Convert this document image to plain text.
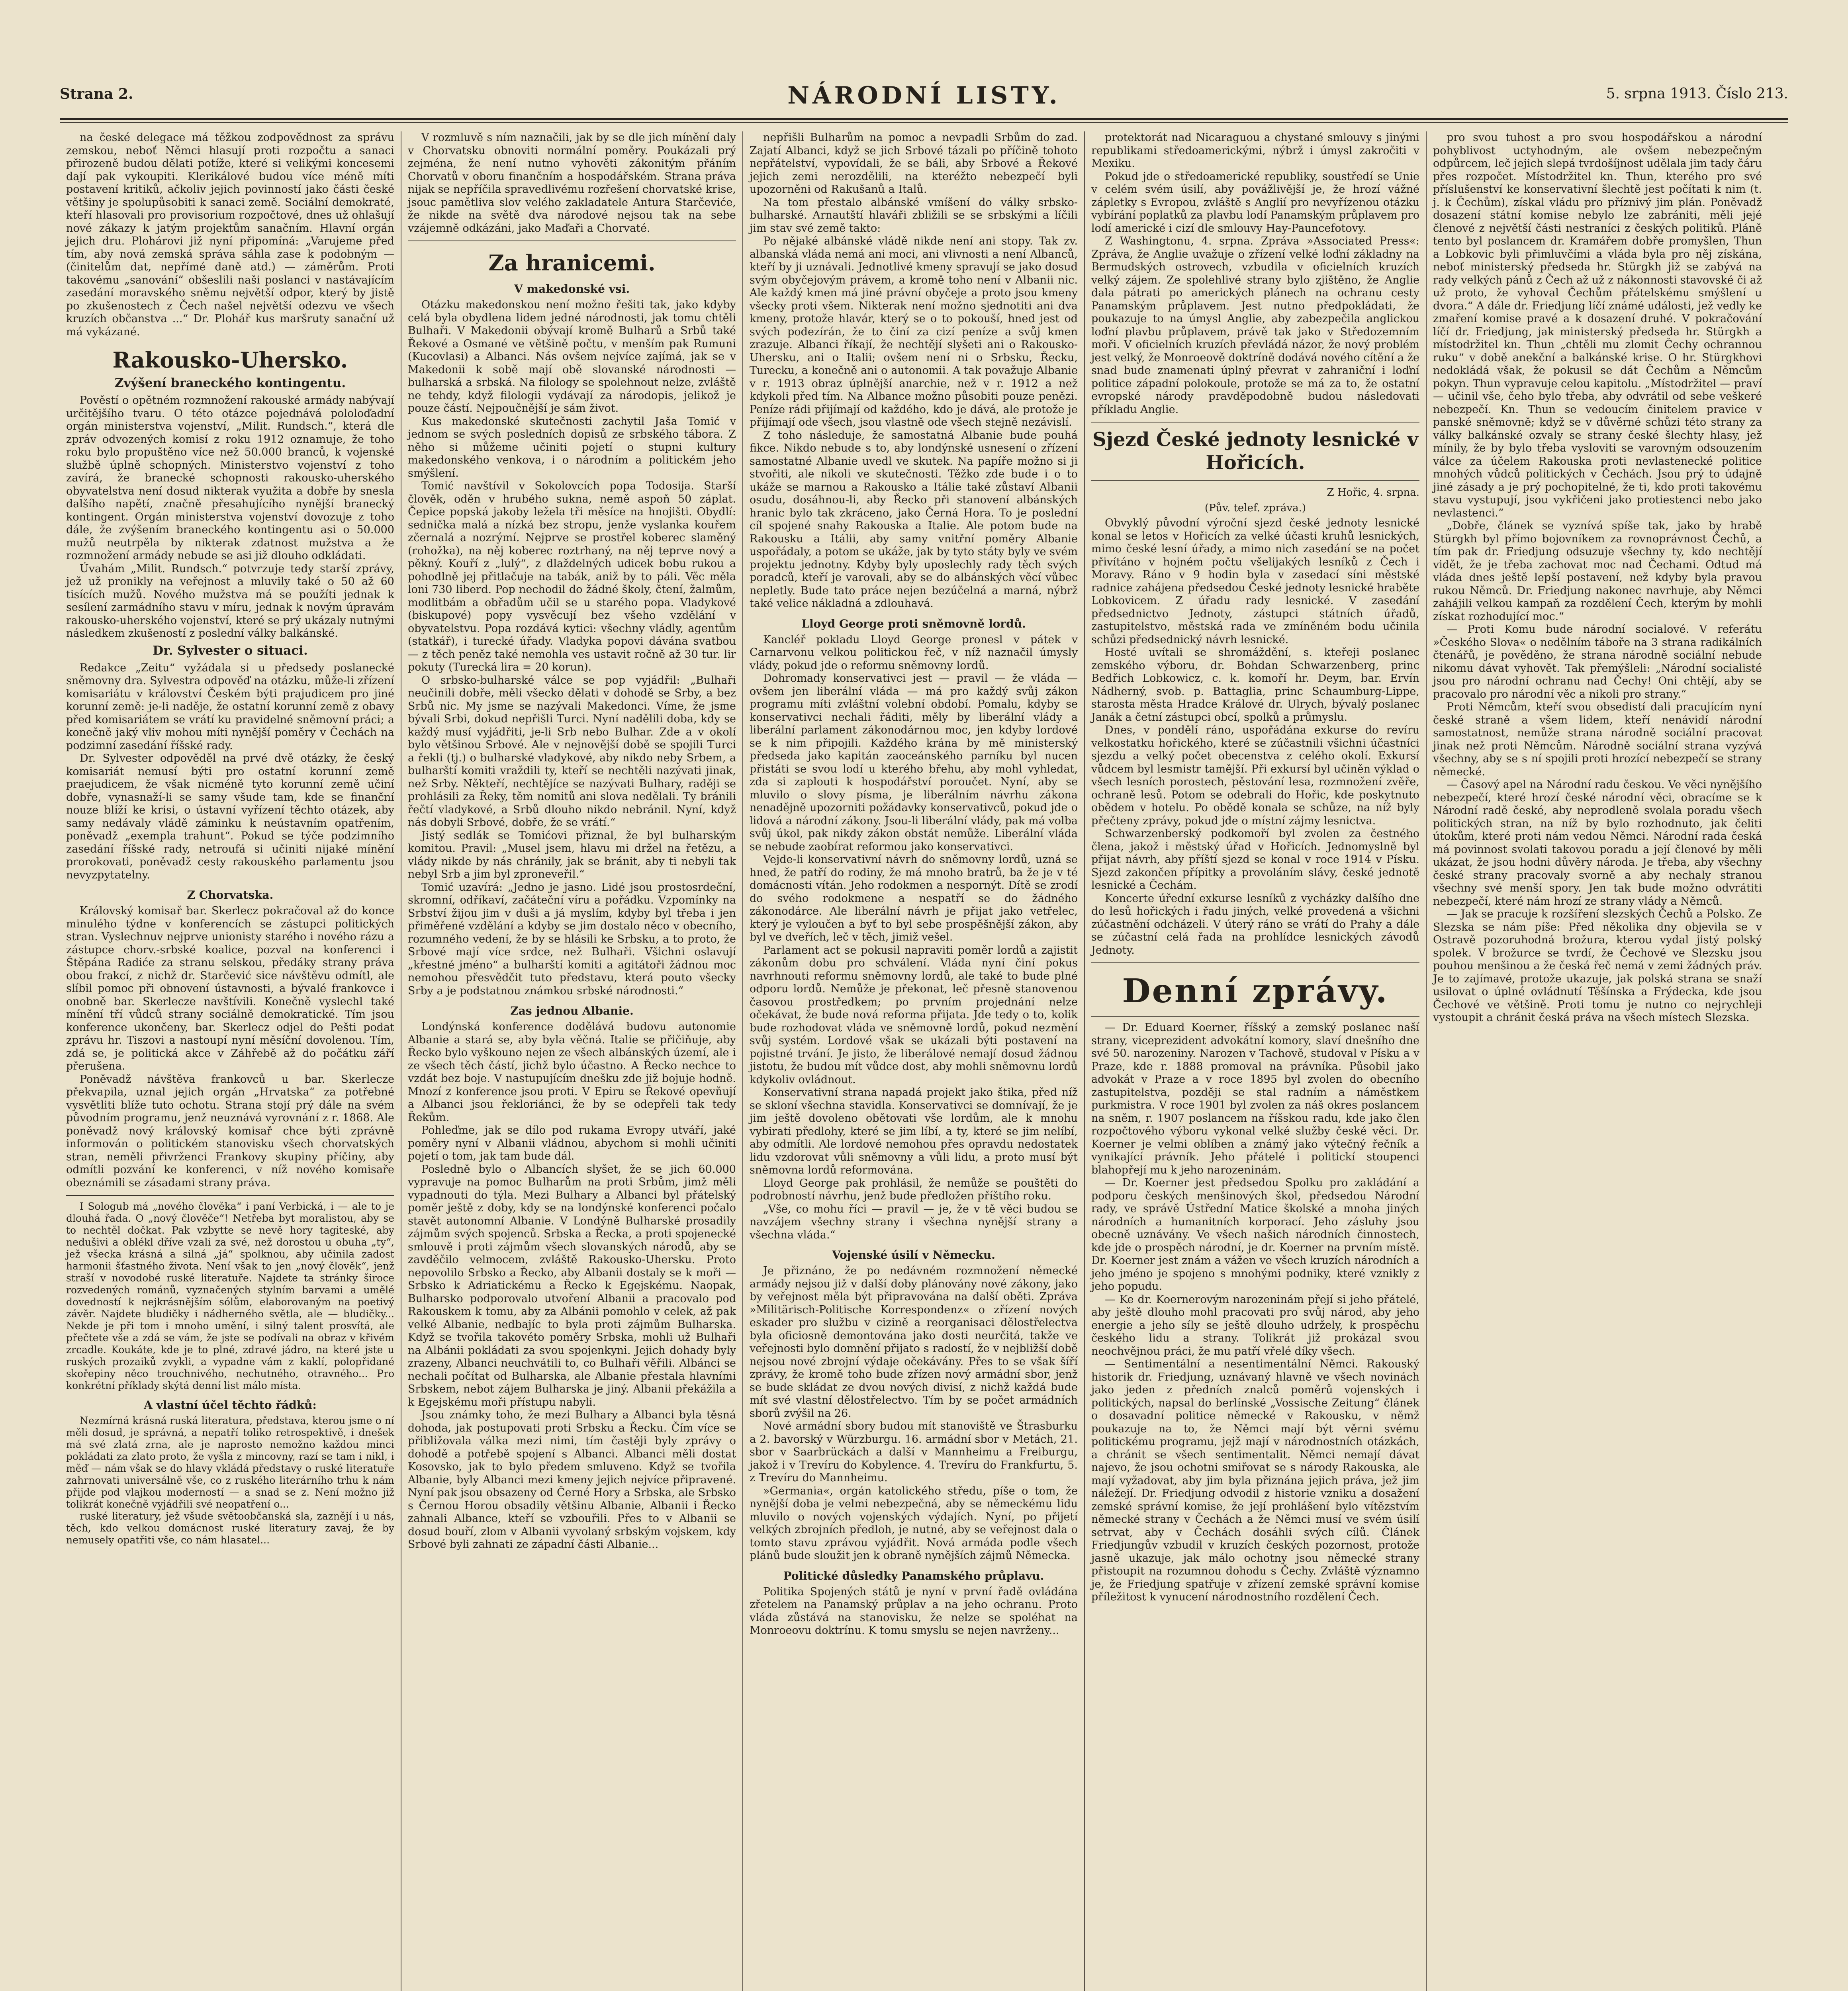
Strana 2.	NÁRODNÍ LISTY.	5. srpna 1913. Číslo 213.

na české delegace má těžkou zodpovědnost za správu zemskou, neboť Němci hlasují proti rozpočtu a sanaci přirozeně budou dělati potíže, které si velikými koncesemi dají pak vykoupiti. Klerikálové budou více méně míti postavení kritiků, ačkoliv jejich povinností jako části české většiny je spolupůsobiti k sanaci země. Sociální demokraté, kteří hlasovali pro provisorium rozpočtové, dnes už ohlašují nové zákazy k jatým projektům sanačním. Hlavní orgán jejich dru. Plohárovi již nyní připomíná: „Varujeme před tím, aby nová zemská správa sáhla zase k podobným — (činitelům dat, nepřímé daně atd.) — záměrům. Proti takovému „sanování“ obšeslili naši poslanci v nastávajícím zasedání moravského sněmu největší odpor, který by jistě po zkušenostech z Čech našel největší odezvu ve všech kruzích občanstva ...“ Dr. Plohář kus maršruty sanační už má vykázané.

Rakousko-Uhersko.
Zvýšení braneckého kontingentu.

Pověstí o opětném rozmnožení rakouské armády nabývají určitějšího tvaru. O této otázce pojednává pololoďadní orgán ministerstva vojenství, „Milit. Rundsch.“, která dle zpráv odvozených komisí z roku 1912 oznamuje, že toho roku bylo propuštěno více než 50.000 branců, k vojenské službě úplně schopných. Ministerstvo vojenství z toho zavírá, že branecké schopnosti rakousko-uherského obyvatelstva není dosud nikterak využita a dobře by snesla dalšího napětí, značně přesahujícího nynější branecký kontingent. Orgán ministerstva vojenství dovozuje z toho dále, že zvýšením braneckého kontingentu asi o 50.000 mužů neutrpěla by nikterak zdatnost mužstva a že rozmnožení armády nebude se asi již dlouho odkládati.

Úvahám „Milit. Rundsch.“ potvrzuje tedy starší zprávy, jež už pronikly na veřejnost a mluvily také o 50 až 60 tisících mužů. Nového mužstva má se použíti jednak k sesílení zarmádního stavu v míru, jednak k novým úpravám rakousko-uherského vojenství, které se prý ukázaly nutnými následkem zkušeností z poslední války balkánské.

Dr. Sylvester o situaci.

Redakce „Zeitu“ vyžádala si u předsedy poslanecké sněmovny dra. Sylvestra odpověď na otázku, může-li zřízení komisariátu v království Českém býti prajudicem pro jiné korunní země: je-li naděje, že ostatní korunní země z obavy před komisariátem se vrátí ku pravidelné sněmovní práci; a konečně jaký vliv mohou míti nynější poměry v Čechách na podzimní zasedání říšské rady.

Dr. Sylvester odpověděl na prvé dvě otázky, že český komisariát nemusí býti pro ostatní korunní země praejudicem, že však nicméně tyto korunní země učiní dobře, vynasnaží-li se samy všude tam, kde se finanční nouze blíží ke krisi, o ústavní vyřízení těchto otázek, aby samy nedávaly vládě záminku k neústavním opatřením, poněvadž „exempla trahunt“. Pokud se týče podzimního zasedání říšské rady, netroufá si učiniti nijaké mínění prorokovati, poněvadž cesty rakouského parlamentu jsou nevyzpytatelny.

Z Chorvatska.

Královský komisař bar. Skerlecz pokračoval až do konce minulého týdne v konferencích se zástupci politických stran. Vyslechnuv nejprve unionisty starého i nového rázu a zástupce chorv.-srbské koalice, pozval na konferenci i Štěpána Radiće za stranu selskou, předáky strany práva obou frakcí, z nichž dr. Starčević sice návštěvu odmítl, ale slíbil pomoc při obnovení ústavnosti, a bývalé frankovce i onobně bar. Skerlecze navštívili. Konečně vyslechl také mínění tří vůdců strany sociálně demokratické. Tím jsou konference ukončeny, bar. Skerlecz odjel do Pešti podat zprávu hr. Tiszovi a nastoupí nyní měsíční dovolenou. Tím, zdá se, je politická akce v Záhřebě až do počátku září přerušena.

Poněvadž návštěva frankovců u bar. Skerlecze překvapila, uznal jejich orgán „Hrvatska“ za potřebné vysvětliti blíže tuto ochotu. Strana stojí prý dále na svém původním programu, jenž neuznává vyrovnání z r. 1868. Ale poněvadž nový královský komisař chce býti zprávně informován o politickém stanovisku všech chorvatských stran, neměli přivrženci Frankovy skupiny příčiny, aby odmítli pozvání ke konferenci, v níž nového komisaře obeznámili se zásadami strany práva.

I Sologub má „nového člověka“ i paní Verbická, i — ale to je dlouhá řada. O „nový člověče“! Netřeba byt moralistou, aby se to nechtěl dočkat. Pak vzbytte se nevě hory tagiteské, aby nedušivi a oblékl dříve vzali za své, než dorostou u obuha „ty“, jež všecka krásná a silná „já“ spolknou, aby učinila zadost harmonii šťastného života. Není však to jen „nový člověk“, jenž straší v novodobé ruské literatuře. Najdete ta stránky široce rozvedených románů, vyznačených stylním barvami a umělé dovedností k nejkrásnějším sólům, elaborovaným na poetivý závěr. Najdete bludičky i nádherného světla, ale — bludičky... Nekde je při tom i mnoho umění, i silný talent prosvítá, ale přečtete vše a zdá se vám, že jste se podívali na obraz v křivém zrcadle. Koukáte, kde je to plné, zdravé jádro, na které jste u ruských prozaiků zvykli, a vypadne vám z kaklí, polopřidané skořepiny něco trouchnivého, nechutného, otravného... Pro konkrétní příklady skýtá denní list málo místa.

A vlastní účel těchto řádků:

Nezmírná krásná ruská literatura, představa, kterou jsme o ní měli dosud, je správná, a nepatří toliko retrospektivě, i dnešek má své zlatá zrna, ale je naprosto nemožno každou minci pokládati za zlato proto, že vyšla z mincovny, razí se tam i nikl, i měď — nám však se do hlavy vkládá představy o ruské literatuře zahrnovati universálně vše, co z ruského literárního trhu k nám přijde pod vlajkou moderností — a snad se z. Není možno již tolikrát konečně vyjádřili své neopatření o...

ruské literatury, jež všude světoobčanská sla, zaznějí i u nás, těch, kdo velkou domácnost ruské literatury zavaj, že by nemusely opatřiti vše, co nám hlasatel...

V rozmluvě s ním naznačili, jak by se dle jich mínění daly v Chorvatsku obnoviti normální poměry. Poukázali prý zejména, že není nutno vyhověti zákonitým přáním Chorvatů v oboru finančním a hospodářském. Strana práva nijak se nepříčila spravedlivému rozřešení chorvatské krise, jsouc pamětliva slov velého zakladatele Antura Starčeviće, že nikde na světě dva národové nejsou tak na sebe vzájemně odkázáni, jako Maďaři a Chorvaté.

Za hranicemi.
V makedonské vsi.

Otázku makedonskou není možno řešiti tak, jako kdyby celá byla obydlena lidem jedné národnosti, jak tomu chtěli Bulhaři. V Makedonii obývají kromě Bulharů a Srbů také Řekové a Osmané ve většině počtu, v menším pak Rumuni (Kucovlasi) a Albanci. Nás ovšem nejvíce zajímá, jak se v Makedonii k sobě mají obě slovanské národnosti — bulharská a srbská. Na filology se spolehnout nelze, zvláště ne tehdy, když filologii vydávají za národopis, jelikož je pouze částí. Nejpoučnější je sám život.

Kus makedonské skutečnosti zachytil Jaša Tomić v jednom se svých posledních dopisů ze srbského tábora. Z něho si můžeme učiniti pojetí o stupni kultury makedonského venkova, i o národním a politickém jeho smýšlení.

Tomić navštívil v Sokolovcích popa Todosija. Starší člověk, oděn v hrubého sukna, nemě aspoň 50 záplat. Čepice popská jakoby ležela tři měsíce na hnojišti. Obydlí: sednička malá a nízká bez stropu, jenže vyslanka kouřem zčernalá a nozrýmí. Nejprve se prostřel koberec slaměný (rohožka), na něj koberec roztrhaný, na něj teprve nový a pěkný. Kouří z „lulý“, z dlaždelných udicek bobu rukou a pohodlně jej přitlačuje na tabák, aniž by to páli. Věc měla loni 730 liberd. Pop nechodil do žádné školy, čtení, žalmům, modlitbám a obřadům učil se u starého popa. Vladykové (biskupové) popy vysvěcují bez všeho vzdělání v obyvatelstvu. Popa rozdává kytici: všechny vládly, agentům (statkář), i turecké úřady. Vladyka popovi dávána svatbou — z těch peněz také nemohla ves ustavit ročně až 30 tur. lir pokuty (Turecká lira = 20 korun).

O srbsko-bulharské válce se pop vyjádřil: „Bulhaři neučinili dobře, měli všecko dělati v dohodě se Srby, a bez Srbů nic. My jsme se nazývali Makedonci. Víme, že jsme bývali Srbi, dokud nepřišli Turci. Nyní nadělili doba, kdy se každý musí vyjádřiti, je-li Srb nebo Bulhar. Zde a v okolí bylo většinou Srbové. Ale v nejnovější době se spojili Turci a řekli (tj.) o bulharské vladykové, aby nikdo neby Srbem, a bulharští komiti vraždili ty, kteří se nechtěli nazývati jinak, než Srby. Někteří, nechtějíce se nazývati Bulhary, raději se prohlásili za Řeky, těm nomitů ani slova nedělali. Ty bránili řečtí vladykové, a Srbů dlouho nikdo nebránil. Nyní, když nás dobyli Srbové, dobře, že se vrátí.“

Jistý sedlák se Tomićovi přiznal, že byl bulharským komitou. Pravil: „Musel jsem, hlavu mi držel na řetězu, a vlády nikde by nás chránily, jak se bránit, aby ti nebyli tak nebyl Srb a jim byl zproneveřil.“

Tomić uzavírá: „Jedno je jasno. Lidé jsou prostosrdeční, skromní, odříkaví, začáteční víru a pořádku. Vzpomínky na Srbství žijou jim v duši a já myslím, kdyby byl třeba i jen přiměřené vzdělání a kdyby se jim dostalo něco v obecního, rozumného vedení, že by se hlásili ke Srbsku, a to proto, že Srbové mají více srdce, než Bulhaři. Všichni oslavují „křestné jméno“ a bulharští komiti a agitátoři žádnou moc nemohou přesvědčit tuto představu, která pouto všecky Srby a je podstatnou známkou srbské národnosti.“

Zas jednou Albanie.

Londýnská konference dodělává budovu autonomie Albanie a stará se, aby byla věčná. Italie se přičiňuje, aby Řecko bylo vyškouno nejen ze všech albánských území, ale i ze všech těch částí, jichž bylo účastno. A Řecko nechce to vzdát bez boje. V nastupujícím dnešku zde již bojuje hodně. Mnozí z konference jsou proti. V Epiru se Řekové opevňují a Albanci jsou řekloriánci, že by se odepřeli tak tedy Řekům.

Pohleďme, jak se dílo pod rukama Evropy utváří, jaké poměry nyní v Albanii vládnou, abychom si mohli učiniti pojetí o tom, jak tam bude dál.

Posledně bylo o Albancích slyšet, že se jich 60.000 vypravuje na pomoc Bulharům na proti Srbům, jimž měli vypadnouti do týla. Mezi Bulhary a Albanci byl přátelský poměr ještě z doby, kdy se na londýnské konferenci počalo stavět autonomní Albanie. V Londýně Bulharské prosadily zájmům svých spojenců. Srbska a Řecka, a proti spojenecké smlouvě i proti zájmům všech slovanských národů, aby se zavděčilo velmocem, zvláště Rakousko-Uhersku. Proto nepovolilo Srbsko a Řecko, aby Albanii dostaly se k moři — Srbsko k Adriatickému a Řecko k Egejskému. Naopak, Bulharsko podporovalo utvoření Albanii a pracovalo pod Rakouskem k tomu, aby za Albánii pomohlo v celek, až pak velké Albanie, nedbajíc to byla proti zájmům Bulharska. Když se tvořila takovéto poměry Srbska, mohli už Bulhaři na Albánii pokládati za svou spojenkyni. Jejich dohady byly zrazeny, Albanci neuchvátili to, co Bulhaři věřili. Albánci se nechali počítat od Bulharska, ale Albanie přestala hlavními Srbskem, nebot zájem Bulharska je jiný. Albanii překážila a k Egejskému moři přístupu nabyli.

Jsou známky toho, že mezi Bulhary a Albanci byla těsná dohoda, jak postupovati proti Srbsku a Řecku. Čím více se přibližovala válka mezi nimi, tím častěji byly zprávy o dohodě a potřebě spojení s Albanci. Albanci měli dostat Kosovsko, jak to bylo předem smluveno. Když se tvořila Albanie, byly Albanci mezi kmeny jejich nejvíce připravené. Nyní pak jsou obsazeny od Černé Hory a Srbska, ale Srbsko s Černou Horou obsadily většinu Albanie, Albanii i Řecko zahnali Albance, kteří se vzbouřili. Přes to v Albanii se dosud bouří, zlom v Albanii vyvolaný srbským vojskem, kdy Srbové byli zahnati ze západní části Albanie...

nepřišli Bulharům na pomoc a nevpadli Srbům do zad. Zajatí Albanci, když se jich Srbové tázali po příčině tohoto nepřátelství, vypovídali, že se báli, aby Srbové a Řekové jejich zemi nerozdělili, na kteréžto nebezpečí byli upozorněni od Rakušanů a Italů.

Na tom přestalo albánské vmíšení do války srbsko-bulharské. Arnautští hlaváři zbližili se se srbskými a líčili jim stav své země takto:

Po nějaké albánské vládě nikde není ani stopy. Tak zv. albanská vláda nemá ani moci, ani vlivnosti a není Albanců, kteří by ji uznávali. Jednotlivé kmeny spravují se jako dosud svým obyčejovým právem, a kromě toho není v Albanii nic. Ale každý kmen má jiné právní obyčeje a proto jsou kmeny všecky proti všem. Nikterak není možno sjednotiti ani dva kmeny, protože hlavár, který se o to pokouší, hned jest od svých podezírán, že to činí za cizí peníze a svůj kmen zrazuje. Albanci říkají, že nechtějí slyšeti ani o Rakousko-Uhersku, ani o Italii; ovšem není ni o Srbsku, Řecku, Turecku, a konečně ani o autonomii. A tak považuje Albanie v r. 1913 obraz úplnější anarchie, než v r. 1912 a než kdykoli před tím. Na Albance možno působiti pouze penězi. Peníze rádi přijímají od každého, kdo je dává, ale protože je přijímají ode všech, jsou vlastně ode všech stejně nezávislí.

Z toho následuje, že samostatná Albanie bude pouhá fikce. Nikdo nebude s to, aby londýnské usnesení o zřízení samostatné Albanie uvedl ve skutek. Na papíře možno si ji stvořiti, ale nikoli ve skutečnosti. Těžko zde bude i o to ukáže se marnou a Rakousko a Itálie také zůstaví Albanii osudu, dosáhnou-li, aby Řecko při stanovení albánských hranic bylo tak zkráceno, jako Černá Hora. To je poslední cíl spojené snahy Rakouska a Italie. Ale potom bude na Rakousku a Itálii, aby samy vnitřní poměry Albanie uspořádaly, a potom se ukáže, jak by tyto státy byly ve svém projektu jednotny. Kdyby byly uposlechly rady těch svých poradců, kteří je varovali, aby se do albánských věcí vůbec nepletly. Bude tato práce nejen bezúčelná a marná, nýbrž také velice nákladná a zdlouhavá.

Lloyd George proti sněmovně lordů.

Kancléř pokladu Lloyd George pronesl v pátek v Carnarvonu velkou politickou řeč, v níž naznačil úmysly vlády, pokud jde o reformu sněmovny lordů.

Dohromady konservativci jest — pravil — že vláda — ovšem jen liberální vláda — má pro každý svůj zákon programu míti zvláštní volební období. Pomalu, kdyby se konservativci nechali řáditi, měly by liberální vlády a liberální parlament zákonodárnou moc, jen kdyby lordové se k nim připojili. Každého krána by mě ministerský předseda jako kapitán zaoceánského parníku byl nucen přistáti se svou lodí u kterého břehu, aby mohl vyhledat, zda si zaplouti k hospodářství poroučet. Nyní, aby se mluvilo o slovy písma, je liberálním návrhu zákona nenadějně upozorniti požádavky konservativců, pokud jde o lidová a národní zákony. Jsou-li liberální vlády, pak má volba svůj úkol, pak nikdy zákon obstát nemůže. Liberální vláda se nebude zaobírat reformou jako konservativci.

Vejde-li konservativní návrh do sněmovny lordů, uzná se hned, že patří do rodiny, že má mnoho bratrů, ba že je v té domácnosti vítán. Jeho rodokmen a nespornýt. Dítě se zrodí do svého rodokmene a nespatří se do žádného zákonodárce. Ale liberální návrh je přijat jako vetřelec, který je vyloučen a byť to byl sebe prospěšnější zákon, aby byl ve dveřích, leč v těch, jimiž vešel.

Parlament act se pokusil napraviti poměr lordů a zajistit zákonům dobu pro schválení. Vláda nyní činí pokus navrhnouti reformu sněmovny lordů, ale také to bude plné odporu lordů. Nemůže je překonat, leč přesně stanovenou časovou prostředkem; po prvním projednání nelze očekávat, že bude nová reforma přijata. Jde tedy o to, kolik bude rozhodovat vláda ve sněmovně lordů, pokud nezmění svůj systém. Lordové však se ukázali býti postavení na pojistné trvání. Je jisto, že liberálové nemají dosud žádnou jistotu, že budou mít vůdce dost, aby mohli sněmovnu lordů kdykoliv ovládnout.

Konservativní strana napadá projekt jako štika, před níž se skloní všechna stavidla. Konservativci se domnívají, že je jim ještě dovoleno obětovati vše lordům, ale k mnohu vybirati předlohy, které se jim líbí, a ty, které se jim nelíbí, aby odmítli. Ale lordové nemohou přes opravdu nedostatek lidu vzdorovat vůli sněmovny a vůli lidu, a proto musí být sněmovna lordů reformována.

Lloyd George pak prohlásil, že nemůže se pouštěti do podrobností návrhu, jenž bude předložen příštího roku.

„Vše, co mohu říci — pravil — je, že v tě věci budou se navzájem všechny strany i všechna nynější strany a všechna vláda.“

Vojenské úsilí v Německu.

Je přiznáno, že po nedávném rozmnožení německé armády nejsou již v další doby plánovány nové zákony, jako by veřejnost měla být připravována na další oběti. Zpráva »Militärisch-Politische Korrespondenz« o zřízení nových eskader pro službu v cizině a reorganisaci dělostřelectva byla oficiosně demontována jako dosti neurčitá, takže ve veřejnosti bylo domnění přijato s radostí, že v nejbližší době nejsou nové zbrojní výdaje očekávány. Přes to se však šíří zprávy, že kromě toho bude zřízen nový armádní sbor, jenž se bude skládat ze dvou nových divisí, z nichž každá bude mít své vlastní dělostřelectvo. Tím by se počet armádních sborů zvýšil na 26.

Nové armádní sbory budou mít stanoviště ve Štrasburku a 2. bavorský v Würzburgu. 16. armádní sbor v Metách, 21. sbor v Saarbrückách a další v Mannheimu a Freiburgu, jakož i v Trevíru do Kobylence. 4. Trevíru do Frankfurtu, 5. z Trevíru do Mannheimu.

»Germania«, orgán katolického středu, píše o tom, že nynější doba je velmi nebezpečná, aby se německému lidu mluvilo o nových vojenských výdajích. Nyní, po přijetí velkých zbrojních předloh, je nutné, aby se veřejnost dala o tomto stavu zprávou vyjádřit. Nová armáda podle všech plánů bude sloužit jen k obraně nynějších zájmů Německa.

Politické důsledky Panamského průplavu.

Politika Spojených států je nyní v první řadě ovládána zřetelem na Panamský průplav a na jeho ochranu. Proto vláda zůstává na stanovisku, že nelze se spoléhat na Monroeovu doktrínu. K tomu smyslu se nejen navrženy...

protektorát nad Nicaraguou a chystané smlouvy s jinými republikami středoamerickými, nýbrž i úmysl zakročiti v Mexiku.

Pokud jde o středoamerické republiky, soustředí se Unie v celém svém úsilí, aby povážlivější je, že hrozí vážné zápletky s Evropou, zvláště s Anglií pro nevyřízenou otázku vybírání poplatků za plavbu lodí Panamským průplavem pro lodí americké i cizí dle smlouvy Hay-Pauncefotovy.

Z Washingtonu, 4. srpna. Zpráva »Associated Press«: Zpráva, že Anglie uvažuje o zřízení velké loďní základny na Bermudských ostrovech, vzbudila v oficielních kruzích velký zájem. Ze spolehlivé strany bylo zjištěno, že Anglie dala pátrati po amerických plánech na ochranu cesty Panamským průplavem. Jest nutno předpokládati, že poukazuje to na úmysl Anglie, aby zabezpečila anglickou loďní plavbu průplavem, právě tak jako v Středozemním moři. V oficielních kruzích převládá názor, že nový problém jest velký, že Monroeově doktríně dodává nového cítění a že snad bude znamenati úplný převrat v zahraniční i loďní politice západní polokoule, protože se má za to, že ostatní evropské národy pravděpodobně budou následovati příkladu Anglie.

Sjezd České jednoty lesnické v Hořicích.
Z Hořic, 4. srpna.
(Pův. telef. zpráva.)

Obvyklý původní výroční sjezd české jednoty lesnické konal se letos v Hořicích za velké účasti kruhů lesnických, mimo české lesní úřady, a mimo nich zasedání se na počet přivítáno v hojném počtu všelijakých lesníků z Čech i Moravy. Ráno v 9 hodin byla v zasedací síni městské radnice zahájena předsedou České jednoty lesnické hraběte Lobkovicem. Z úřadu rady lesnické. V zasedání předsednictvo Jednoty, zástupci státních úřadů, zastupitelstvo, městská rada ve zmíněném bodu učinila schůzi předsednický návrh lesnické.

Hosté uvítali se shromáždění, s. kteřeji poslanec zemského výboru, dr. Bohdan Schwarzenberg, princ Bedřich Lobkowicz, c. k. komoří hr. Deym, bar. Ervín Nádherný, svob. p. Battaglia, princ Schaumburg-Lippe, starosta města Hradce Králové dr. Ulrych, bývalý poslanec Janák a četní zástupci obcí, spolků a průmyslu.

Dnes, v pondělí ráno, uspořádána exkurse do revíru velkostatku hořického, které se zúčastnili všichni účastníci sjezdu a velký počet obecenstva z celého okolí. Exkursí vůdcem byl lesmistr tamější. Při exkursí byl učiněn výklad o všech lesních porostech, pěstování lesa, rozmnožení zvěře, ochraně lesů. Potom se odebrali do Hořic, kde poskytnuto obědem v hotelu. Po obědě konala se schůze, na níž byly přečteny zprávy, pokud jde o místní zájmy lesnictva.

Schwarzenberský podkomoří byl zvolen za čestného člena, jakož i městský úřad v Hořicích. Jednomyslně byl přijat návrh, aby příští sjezd se konal v roce 1914 v Písku. Sjezd zakončen přípitky a provoláním slávy, české jednotě lesnické a Čechám.

Koncerte úřední exkurse lesníků z vycházky dalšího dne do lesů hořických i řadu jiných, velké provedená a všichni zúčastnění odcházeli. V úterý ráno se vrátí do Prahy a dále se zúčastní celá řada na prohlídce lesnických závodů Jednoty.

Denní zprávy.

— Dr. Eduard Koerner, říšský a zemský poslanec naší strany, viceprezident advokátní komory, slaví dnešního dne své 50. narozeniny. Narozen v Tachově, studoval v Písku a v Praze, kde r. 1888 promoval na právníka. Působil jako advokát v Praze a v roce 1895 byl zvolen do obecního zastupitelstva, později se stal radním a náměstkem purkmistra. V roce 1901 byl zvolen za náš okres poslancem na sněm, r. 1907 poslancem na říšskou radu, kde jako člen rozpočtového výboru vykonal velké služby české věci. Dr. Koerner je velmi oblíben a známý jako výtečný řečník a vynikající právník. Jeho přátelé i politickí stoupenci blahopřejí mu k jeho narozeninám.

— Dr. Koerner jest předsedou Spolku pro zakládání a podporu českých menšinových škol, předsedou Národní rady, ve správě Ústřední Matice školské a mnoha jiných národních a humanitních korporací. Jeho zásluhy jsou obecně uznávány. Ve všech našich národních činnostech, kde jde o prospěch národní, je dr. Koerner na prvním místě. Dr. Koerner jest znám a vážen ve všech kruzích národních a jeho jméno je spojeno s mnohými podniky, které vznikly z jeho popudu.

— Ke dr. Koernerovým narozeninám přejí si jeho přátelé, aby ještě dlouho mohl pracovati pro svůj národ, aby jeho energie a jeho síly se ještě dlouho udržely, k prospěchu českého lidu a strany. Tolikrát již prokázal svou neochvějnou práci, že mu patří vřelé díky všech.

— Sentimentální a nesentimentální Němci. Rakouský historik dr. Friedjung, uznávaný hlavně ve všech novinách jako jeden z předních znalců poměrů vojenských i politických, napsal do berlínské „Vossische Zeitung“ článek o dosavadní politice německé v Rakousku, v němž poukazuje na to, že Němci mají být věrni svému politickému programu, jejž mají v národnostních otázkách, a chránit se všech sentimentalit. Němci nemají dávat najevo, že jsou ochotni smiřovat se s národy Rakouska, ale mají vyžadovat, aby jim byla přiznána jejich práva, jež jim náležejí. Dr. Friedjung odvodil z historie vzniku a dosažení zemské správní komise, že její prohlášení bylo vítězstvím německé strany v Čechách a že Němci musí ve svém úsilí setrvat, aby v Čechách dosáhli svých cílů. Článek Friedjungův vzbudil v kruzích českých pozornost, protože jasně ukazuje, jak málo ochotny jsou německé strany přistoupit na rozumnou dohodu s Čechy. Zvláště významno je, že Friedjung spatřuje v zřízení zemské správní komise příležitost k vynucení národnostního rozdělení Čech.

pro svou tuhost a pro svou hospodářskou a národní pohyblivost uctyhodným, ale ovšem nebezpečným odpůrcem, leč jejich slepá tvrdošíjnost udělala jim tady čáru přes rozpočet. Místodržitel kn. Thun, kterého pro své příslušenství ke konservativní šlechtě jest počítati k nim (t. j. k Čechům), získal vládu pro příznivý jim plán. Poněvadž dosazení státní komise nebylo lze zabrániti, měli jejé členové z největší části nestraníci z českých politiků. Pláně tento byl poslancem dr. Kramářem dobře promyšlen, Thun a Lobkovic byli přimluvčími a vláda byla pro něj získána, neboť ministerský předseda hr. Stürgkh již se zabývá na rady velkých pánů z Čech až už z nákonnosti stavovské či až už proto, že vyhoval Čechům přátelskému smýšlení u dvora.“ A dále dr. Friedjung líčí známé události, jež vedly ke zmaření komise pravé a k dosazení druhé. V pokračování líčí dr. Friedjung, jak ministerský předseda hr. Stürgkh a místodržitel kn. Thun „chtěli mu zlomit Čechy ochrannou ruku“ v době anekční a balkánské krise. O hr. Stürgkhovi nedokládá však, že pokusil se dát Čechům a Němcům pokyn. Thun vypravuje celou kapitolu. „Místodržitel — praví — učinil vše, čeho bylo třeba, aby odvrátil od sebe veškeré nebezpečí. Kn. Thun se vedoucím činitelem pravice v panské sněmovně; když se v důvěrné schůzi této strany za války balkánské ozvaly se strany české šlechty hlasy, jež mínily, že by bylo třeba vysloviti se varovným odsouzením válce za účelem Rakouska proti nevlastenecké politice mnohých vůdců politických v Čechách. Jsou prý to údajně jiné zásady a je prý pochopitelné, že ti, kdo proti takovému stavu vystupují, jsou vykřičeni jako protiestenci nebo jako nevlastenci.“

„Dobře, článek se vyznívá spíše tak, jako by hrabě Stürgkh byl přímo bojovníkem za rovnoprávnost Čechů, a tím pak dr. Friedjung odsuzuje všechny ty, kdo nechtějí vidět, že je třeba zachovat moc nad Čechami. Odtud má vláda dnes ještě lepší postavení, než kdyby byla pravou rukou Němců. Dr. Friedjung nakonec navrhuje, aby Němci zahájili velkou kampaň za rozdělení Čech, kterým by mohli získat rozhodující moc.“

— Proti Komu bude národní socialové. V referátu »Českého Slova« o nedělním táboře na 3 strana radikálních čtenářů, je pověděno, že strana národně sociální nebude nikomu dávat vyhovět. Tak přemýšleli: „Národní socialisté jsou pro národní ochranu nad Čechy! Oni chtějí, aby se pracovalo pro národní věc a nikoli pro strany.“

Proti Němcům, kteří svou obsedistí dali pracujícím nyní české straně a všem lidem, kteří nenávidí národní samostatnost, nemůže strana národně sociální pracovat jinak než proti Němcům. Národně sociální strana vyzývá všechny, aby se s ní spojili proti hrozící nebezpečí se strany německé.

— Časový apel na Národní radu českou. Ve věci nynějšího nebezpečí, které hrozí české národní věci, obracíme se k Národní radě české, aby neprodleně svolala poradu všech politických stran, na níž by bylo rozhodnuto, jak čeliti útokům, které proti nám vedou Němci. Národní rada česká má povinnost svolati takovou poradu a její členové by měli ukázat, že jsou hodni důvěry národa. Je třeba, aby všechny české strany pracovaly svorně a aby nechaly stranou všechny své menší spory. Jen tak bude možno odvrátiti nebezpečí, které nám hrozí ze strany vlády a Němců.

— Jak se pracuje k rozšíření slezských Čechů a Polsko. Ze Slezska se nám píše: Před několika dny objevila se v Ostravě pozoruhodná brožura, kterou vydal jistý polský spolek. V brožurce se tvrdí, že Čechové ve Slezsku jsou pouhou menšinou a že česká řeč nemá v zemi žádných práv. Je to zajímavé, protože ukazuje, jak polská strana se snaží usilovat o úplné ovládnutí Těšínska a Frýdecka, kde jsou Čechové ve většině. Proti tomu je nutno co nejrychleji vystoupit a chránit česká práva na všech místech Slezska.
